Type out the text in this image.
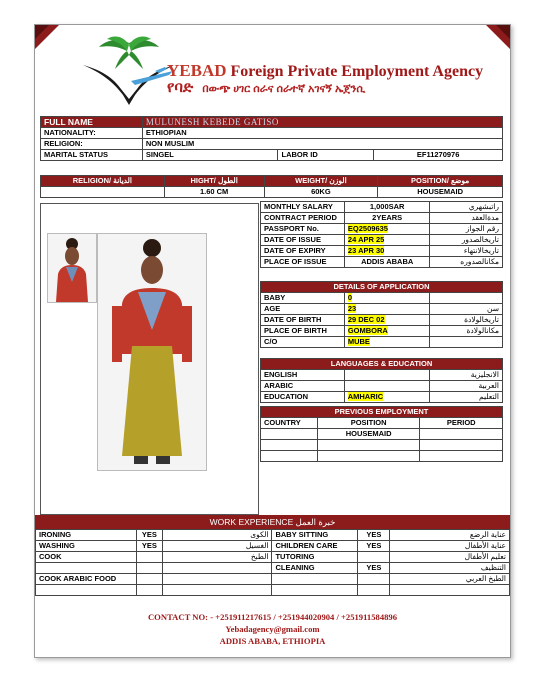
YEBAD Foreign Private Employment Agency
የባድ በውጭ ሀገር ሰራና ሰራተኛ አገናኝ ኤጀንሲ
FULL NAME	MULUNESH KEBEDE GATISO		
NATIONALITY:	ETHIOPIAN		
RELIGION:	NON MUSLIM		
MARITAL STATUS	SINGEL	LABOR ID	EF11270976
RELIGION/ الديانة	HIGHT/ الطول	WEIGHT/ الوزن	POSITION/ موضع
	1.60 CM	60KG	HOUSEMAID
MONTHLY SALARY	1,000SAR	راتبشهري
CONTRACT PERIOD	2YEARS	مدةالعقد
PASSPORT No.	EQ2509635	رقم الجواز
DATE OF ISSUE	24 APR 25	تاريخالصدور
DATE OF EXPIRY	23 APR 30	تاريخالانتهاء
PLACE OF ISSUE	ADDIS ABABA	مكانالصدوره
DETAILS OF APPLICATION		
BABY	0	
AGE	23	سن
DATE OF BIRTH	29 DEC 02	تاريخالولادة
PLACE OF BIRTH	GOMBORA	مكانالولادة
C/O	MUBE	
LANGUAGES & EDUCATION		
ENGLISH		الانجليزية
ARABIC		العربية
EDUCATION	AMHARIC	التعليم
PREVIOUS EMPLOYMENT		
COUNTRY	POSITION	PERIOD
	HOUSEMAID	

WORK EXPERIENCE خبرة العمل
IRONING	YES	الكوى	BABY SITTING	YES	عناية الرضع
WASHING	YES	الغسيل	CHILDREN CARE	YES	عناية الأطفال
COOK		الطبخ	TUTORING		تعليم الأطفال
			CLEANING	YES	التنظيف
COOK ARABIC FOOD					الطبخ العربي

CONTACT NO: - +251911217615 / +251944020904 / +251911584896
Yebadagency@gmail.com
ADDIS ABABA, ETHIOPIA
